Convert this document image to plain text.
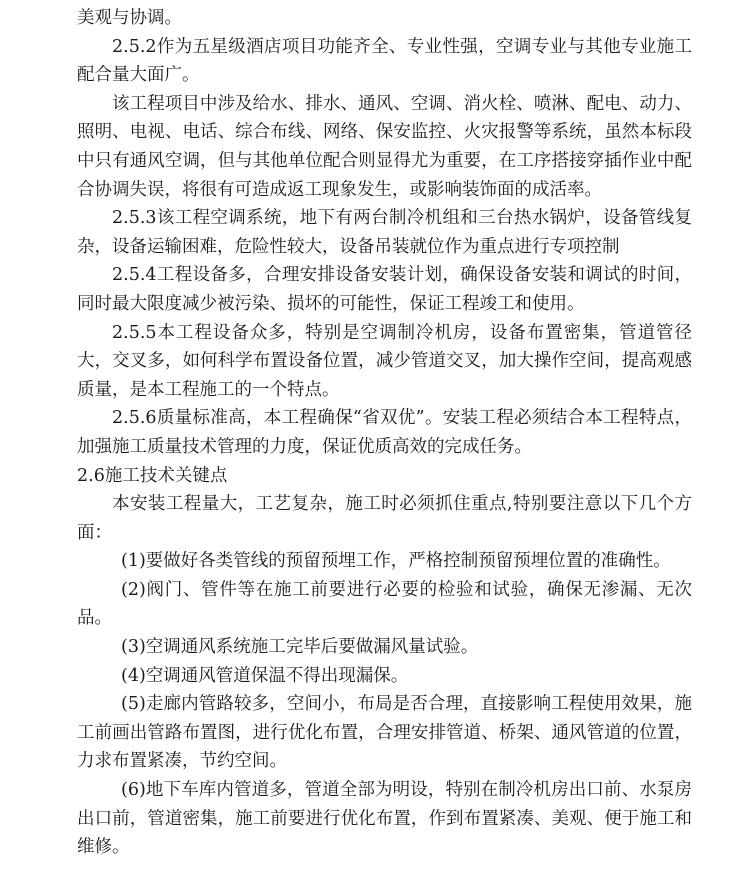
美观与协调。

2.5.2作为五星级酒店项目功能齐全、专业性强，空调专业与其他专业施工配合量大面广。

该工程项目中涉及给水、排水、通风、空调、消火栓、喷淋、配电、动力、照明、电视、电话、综合布线、网络、保安监控、火灾报警等系统，虽然本标段中只有通风空调，但与其他单位配合则显得尤为重要，在工序搭接穿插作业中配合协调失误，将很有可造成返工现象发生，或影响装饰面的成活率。

2.5.3该工程空调系统，地下有两台制冷机组和三台热水锅炉，设备管线复杂，设备运输困难，危险性较大，设备吊装就位作为重点进行专项控制

2.5.4工程设备多，合理安排设备安装计划，确保设备安装和调试的时间，同时最大限度减少被污染、损坏的可能性，保证工程竣工和使用。

2.5.5本工程设备众多，特别是空调制冷机房，设备布置密集，管道管径大，交叉多，如何科学布置设备位置，减少管道交叉，加大操作空间，提高观感质量，是本工程施工的一个特点。

2.5.6质量标准高，本工程确保“省双优”。安装工程必须结合本工程特点，加强施工质量技术管理的力度，保证优质高效的完成任务。

2.6施工技术关键点

本安装工程量大，工艺复杂，施工时必须抓住重点,特别要注意以下几个方面：

(1)要做好各类管线的预留预埋工作，严格控制预留预埋位置的准确性。

(2)阀门、管件等在施工前要进行必要的检验和试验，确保无渗漏、无次品。

(3)空调通风系统施工完毕后要做漏风量试验。

(4)空调通风管道保温不得出现漏保。

(5)走廊内管路较多，空间小，布局是否合理，直接影响工程使用效果，施工前画出管路布置图，进行优化布置，合理安排管道、桥架、通风管道的位置，力求布置紧凑，节约空间。

(6)地下车库内管道多，管道全部为明设，特别在制冷机房出口前、水泵房出口前，管道密集，施工前要进行优化布置，作到布置紧凑、美观、便于施工和维修。
